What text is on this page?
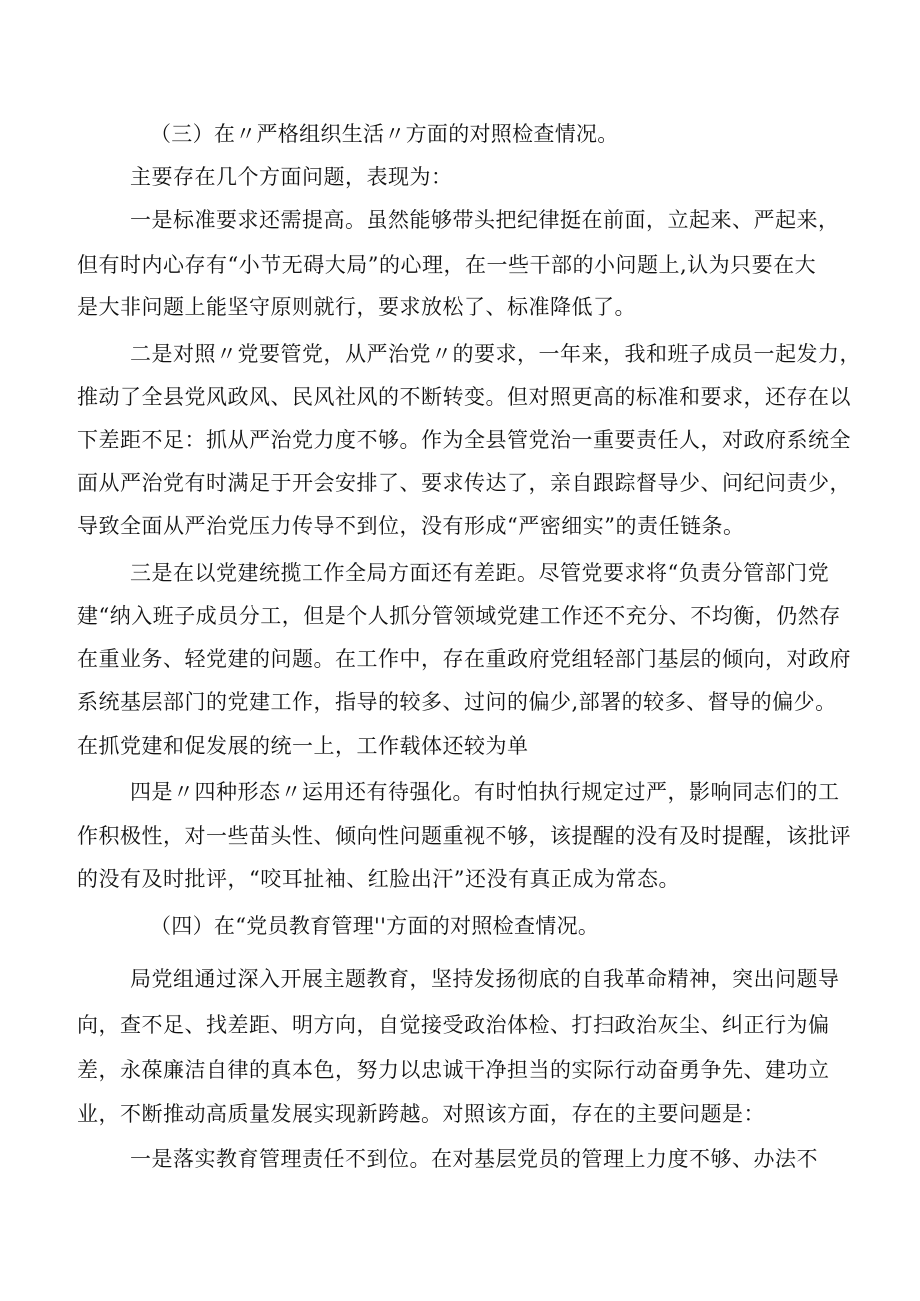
（三）在〃严格组织生活〃方面的对照检查情况。
主要存在几个方面问题，表现为：
一是标准要求还需提高。虽然能够带头把纪律挺在前面，立起来、严起来，
但有时内心存有“小节无碍大局”的心理，在一些干部的小问题上,认为只要在大
是大非问题上能坚守原则就行，要求放松了、标准降低了。
二是对照〃党要管党，从严治党〃的要求，一年来，我和班子成员一起发力，
推动了全县党风政风、民风社风的不断转变。但对照更高的标准和要求，还存在以
下差距不足：抓从严治党力度不够。作为全县管党治一重要责任人，对政府系统全
面从严治党有时满足于开会安排了、要求传达了，亲自跟踪督导少、问纪问责少，
导致全面从严治党压力传导不到位，没有形成“严密细实”的责任链条。
三是在以党建统揽工作全局方面还有差距。尽管党要求将“负责分管部门党
建“纳入班子成员分工，但是个人抓分管领域党建工作还不充分、不均衡，仍然存
在重业务、轻党建的问题。在工作中，存在重政府党组轻部门基层的倾向，对政府
系统基层部门的党建工作，指导的较多、过问的偏少,部署的较多、督导的偏少。
在抓党建和促发展的统一上，工作载体还较为单
四是〃四种形态〃运用还有待强化。有时怕执行规定过严，影响同志们的工
作积极性，对一些苗头性、倾向性问题重视不够，该提醒的没有及时提醒，该批评
的没有及时批评，“咬耳扯袖、红脸出汗”还没有真正成为常态。
（四）在“党员教育管理''方面的对照检查情况。
局党组通过深入开展主题教育，坚持发扬彻底的自我革命精神，突出问题导
向，查不足、找差距、明方向，自觉接受政治体检、打扫政治灰尘、纠正行为偏
差，永葆廉洁自律的真本色，努力以忠诚干净担当的实际行动奋勇争先、建功立
业，不断推动高质量发展实现新跨越。对照该方面，存在的主要问题是：
一是落实教育管理责任不到位。在对基层党员的管理上力度不够、办法不
